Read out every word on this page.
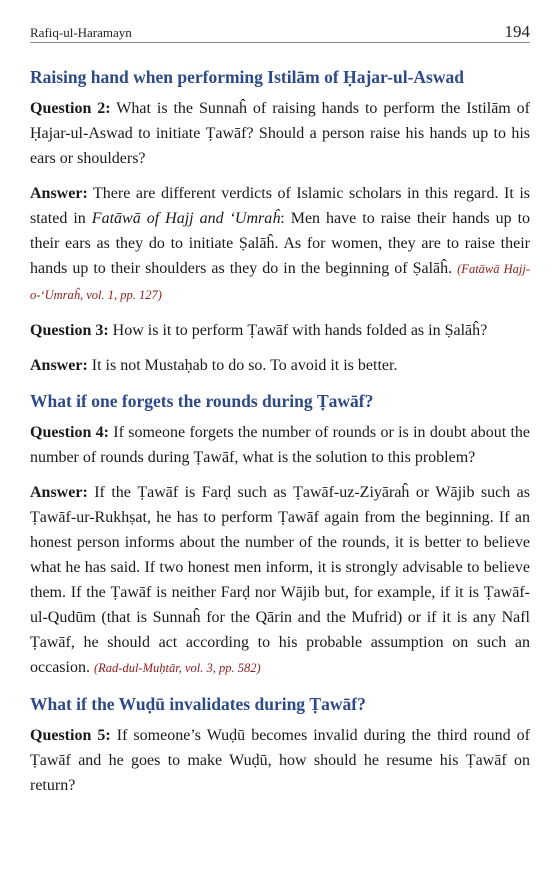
Rafiq-ul-Haramayn	194
Raising hand when performing Istilām of Ḥajar-ul-Aswad

Question 2: What is the Sunnaĥ of raising hands to perform the Istilām of Ḥajar-ul-Aswad to initiate Ṭawāf? Should a person raise his hands up to his ears or shoulders?

Answer: There are different verdicts of Islamic scholars in this regard. It is stated in Fatāwā of Hajj and ‘Umraĥ: Men have to raise their hands up to their ears as they do to initiate Ṣalāĥ. As for women, they are to raise their hands up to their shoulders as they do in the beginning of Ṣalāĥ. (Fatāwā Hajj-o-‘Umraĥ, vol. 1, pp. 127)

Question 3: How is it to perform Ṭawāf with hands folded as in Ṣalāĥ?

Answer: It is not Mustaḥab to do so. To avoid it is better.

What if one forgets the rounds during Ṭawāf?

Question 4: If someone forgets the number of rounds or is in doubt about the number of rounds during Ṭawāf, what is the solution to this problem?

Answer: If the Ṭawāf is Farḍ such as Ṭawāf-uz-Ziyāraĥ or Wājib such as Ṭawāf-ur-Rukhṣat, he has to perform Ṭawāf again from the beginning. If an honest person informs about the number of the rounds, it is better to believe what he has said. If two honest men inform, it is strongly advisable to believe them. If the Ṭawāf is neither Farḍ nor Wājib but, for example, if it is Ṭawāf-ul-Qudūm (that is Sunnaĥ for the Qārin and the Mufrid) or if it is any Nafl Ṭawāf, he should act according to his probable assumption on such an occasion. (Rad-dul-Muḥtār, vol. 3, pp. 582)

What if the Wuḍū invalidates during Ṭawāf?

Question 5: If someone’s Wuḍū becomes invalid during the third round of Ṭawāf and he goes to make Wuḍū, how should he resume his Ṭawāf on return?
